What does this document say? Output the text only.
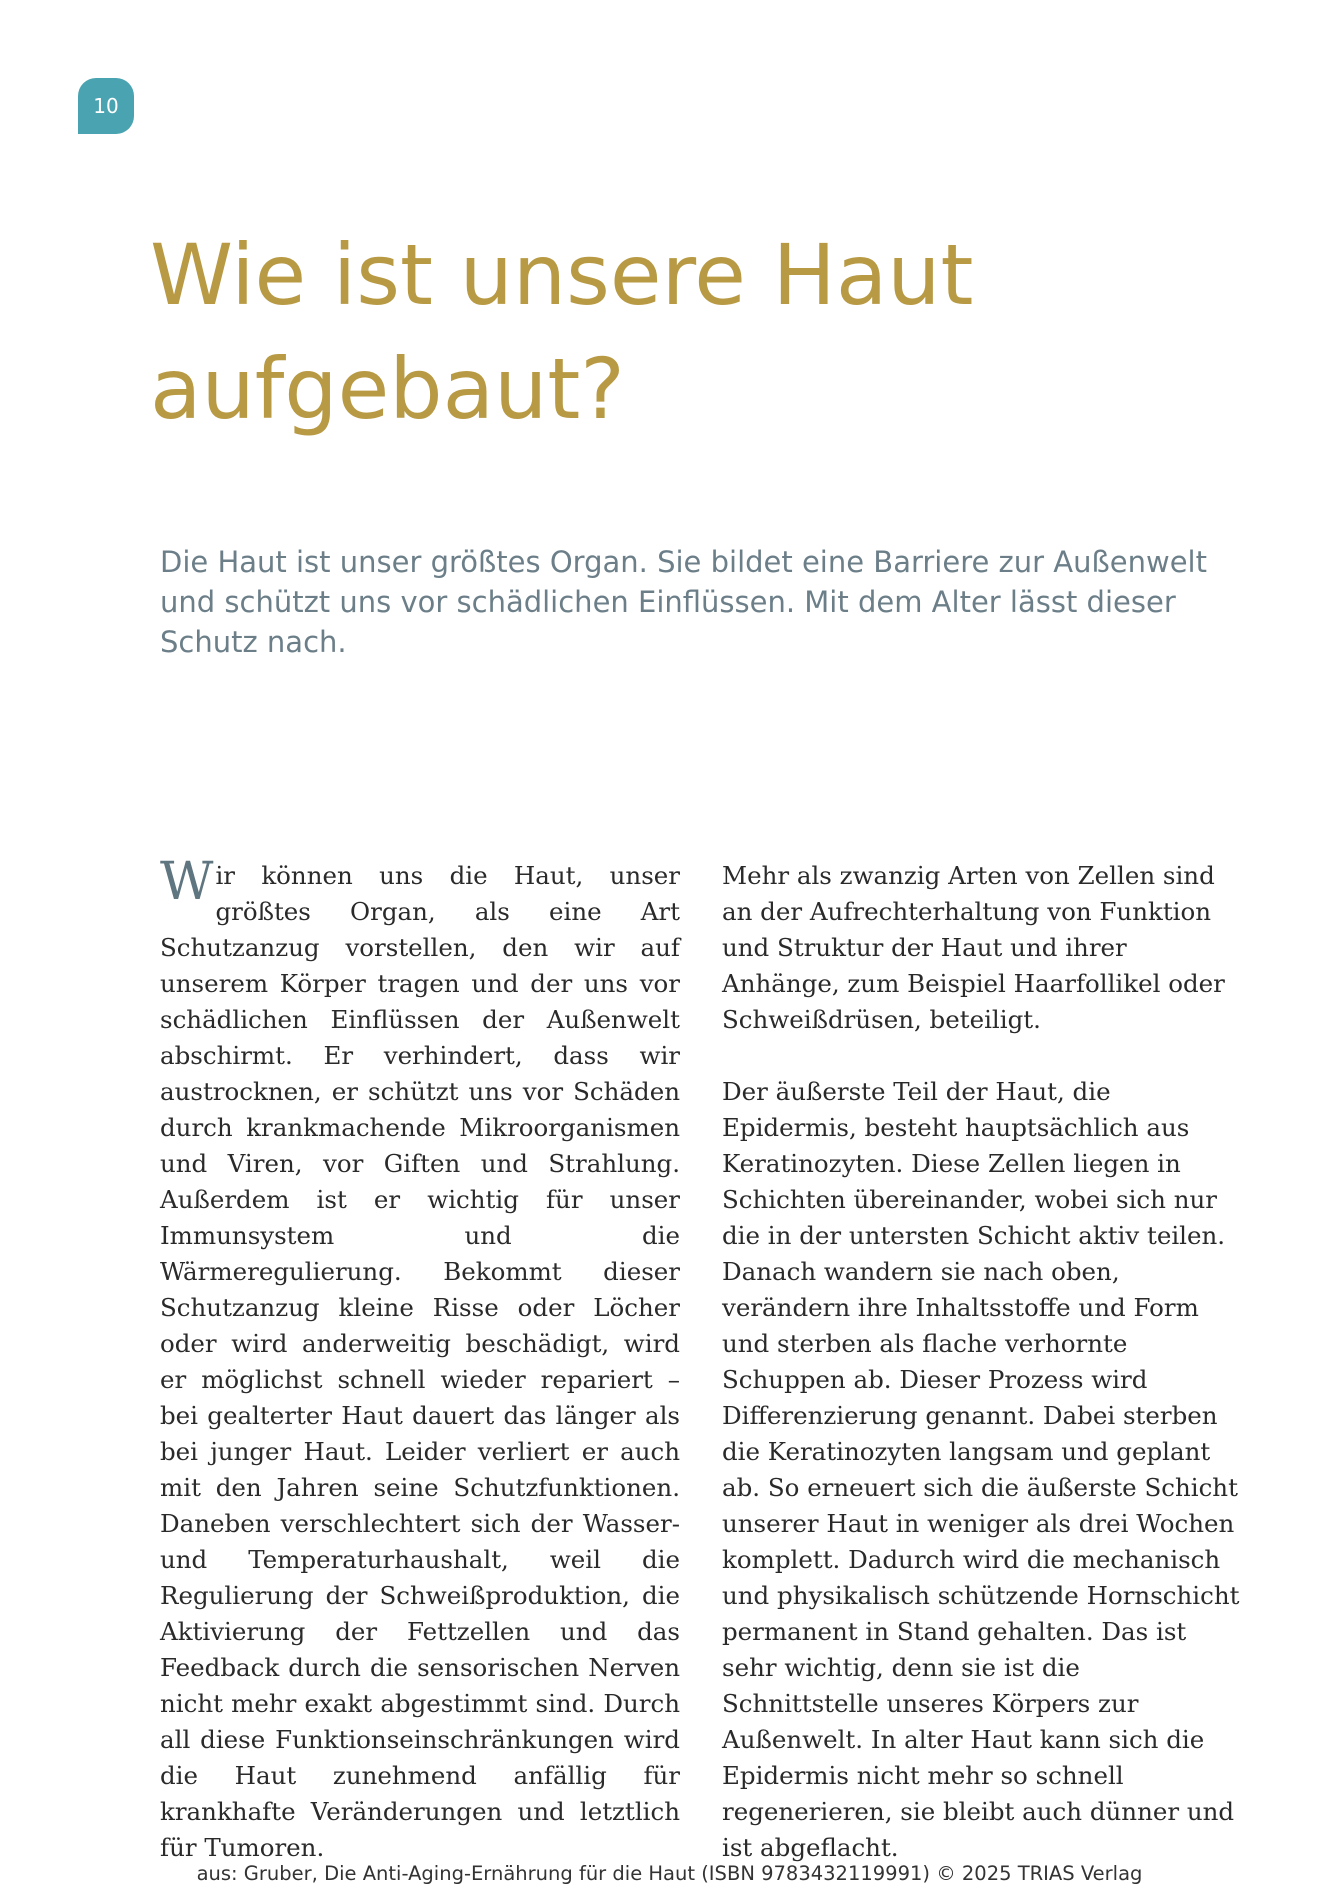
10
Wie ist unsere Haut aufgebaut?

Die Haut ist unser größtes Organ. Sie bildet eine Barriere zur Außenwelt und schützt uns vor schädlichen Einflüssen. Mit dem Alter lässt dieser Schutz nach.

Wir können uns die Haut, unser größtes Organ, als eine Art Schutzanzug vorstellen, den wir auf unserem Körper tragen und der uns vor schädlichen Einflüssen der Außenwelt abschirmt. Er verhindert, dass wir austrocknen, er schützt uns vor Schäden durch krankmachende Mikroorganismen und Viren, vor Giften und Strahlung. Außerdem ist er wichtig für unser Immunsystem und die Wärmeregulierung. Bekommt dieser Schutzanzug kleine Risse oder Löcher oder wird anderweitig beschädigt, wird er möglichst schnell wieder repariert – bei gealterter Haut dauert das länger als bei junger Haut. Leider verliert er auch mit den Jahren seine Schutzfunktionen. Daneben verschlechtert sich der Wasser- und Temperaturhaushalt, weil die Regulierung der Schweißproduktion, die Aktivierung der Fettzellen und das Feedback durch die sensorischen Nerven nicht mehr exakt abgestimmt sind. Durch all diese Funktionseinschränkungen wird die Haut zunehmend anfällig für krankhafte Veränderungen und letztlich für Tumoren.

Mehr als zwanzig Arten von Zellen sind an der Aufrechterhaltung von Funktion und Struktur der Haut und ihrer Anhänge, zum Beispiel Haarfollikel oder Schweißdrüsen, beteiligt.

Der äußerste Teil der Haut, die Epidermis, besteht hauptsächlich aus Keratinozyten. Diese Zellen liegen in Schichten übereinander, wobei sich nur die in der untersten Schicht aktiv teilen. Danach wandern sie nach oben, verändern ihre Inhaltsstoffe und Form und sterben als flache verhornte Schuppen ab. Dieser Prozess wird Differenzierung genannt. Dabei sterben die Keratinozyten langsam und geplant ab. So erneuert sich die äußerste Schicht unserer Haut in weniger als drei Wochen komplett. Dadurch wird die mechanisch und physikalisch schützende Hornschicht permanent in Stand gehalten. Das ist sehr wichtig, denn sie ist die Schnittstelle unseres Körpers zur Außenwelt. In alter Haut kann sich die Epidermis nicht mehr so schnell regenerieren, sie bleibt auch dünner und ist abgeflacht.

aus: Gruber, Die Anti-Aging-Ernährung für die Haut (ISBN 9783432119991) © 2025 TRIAS Verlag
